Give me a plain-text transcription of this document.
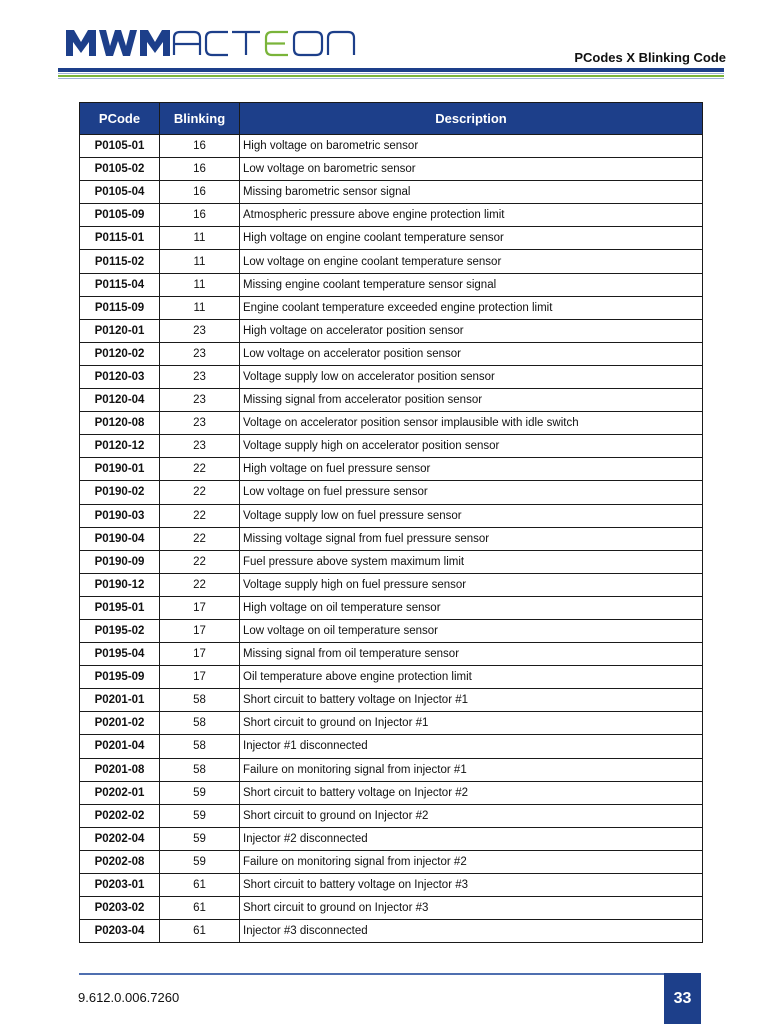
PCodes X Blinking Code
PCode	Blinking	Description
P0105-01	16	High voltage on barometric sensor
P0105-02	16	Low voltage on barometric sensor
P0105-04	16	Missing barometric sensor signal
P0105-09	16	Atmospheric pressure above engine protection limit
P0115-01	11	High voltage on engine coolant temperature sensor
P0115-02	11	Low voltage on engine coolant temperature sensor
P0115-04	11	Missing engine coolant temperature sensor signal
P0115-09	11	Engine coolant temperature exceeded engine protection limit
P0120-01	23	High voltage on accelerator position sensor
P0120-02	23	Low voltage on accelerator position sensor
P0120-03	23	Voltage supply low on accelerator position sensor
P0120-04	23	Missing signal from accelerator position sensor
P0120-08	23	Voltage on accelerator position sensor implausible with idle switch
P0120-12	23	Voltage supply high on accelerator position sensor
P0190-01	22	High voltage on fuel pressure sensor
P0190-02	22	Low voltage on fuel pressure sensor
P0190-03	22	Voltage supply low on fuel pressure sensor
P0190-04	22	Missing voltage signal from fuel pressure sensor
P0190-09	22	Fuel pressure above system maximum limit
P0190-12	22	Voltage supply high on fuel pressure sensor
P0195-01	17	High voltage on oil temperature sensor
P0195-02	17	Low voltage on oil temperature sensor
P0195-04	17	Missing signal from oil temperature sensor
P0195-09	17	Oil temperature above engine protection limit
P0201-01	58	Short circuit to battery voltage on Injector #1
P0201-02	58	Short circuit to ground on Injector #1
P0201-04	58	Injector #1 disconnected
P0201-08	58	Failure on monitoring signal from injector #1
P0202-01	59	Short circuit to battery voltage on Injector #2
P0202-02	59	Short circuit to ground on Injector #2
P0202-04	59	Injector #2 disconnected
P0202-08	59	Failure on monitoring signal from injector #2
P0203-01	61	Short circuit to battery voltage on Injector #3
P0203-02	61	Short circuit to ground on Injector #3
P0203-04	61	Injector #3 disconnected
9.612.0.006.7260	33
